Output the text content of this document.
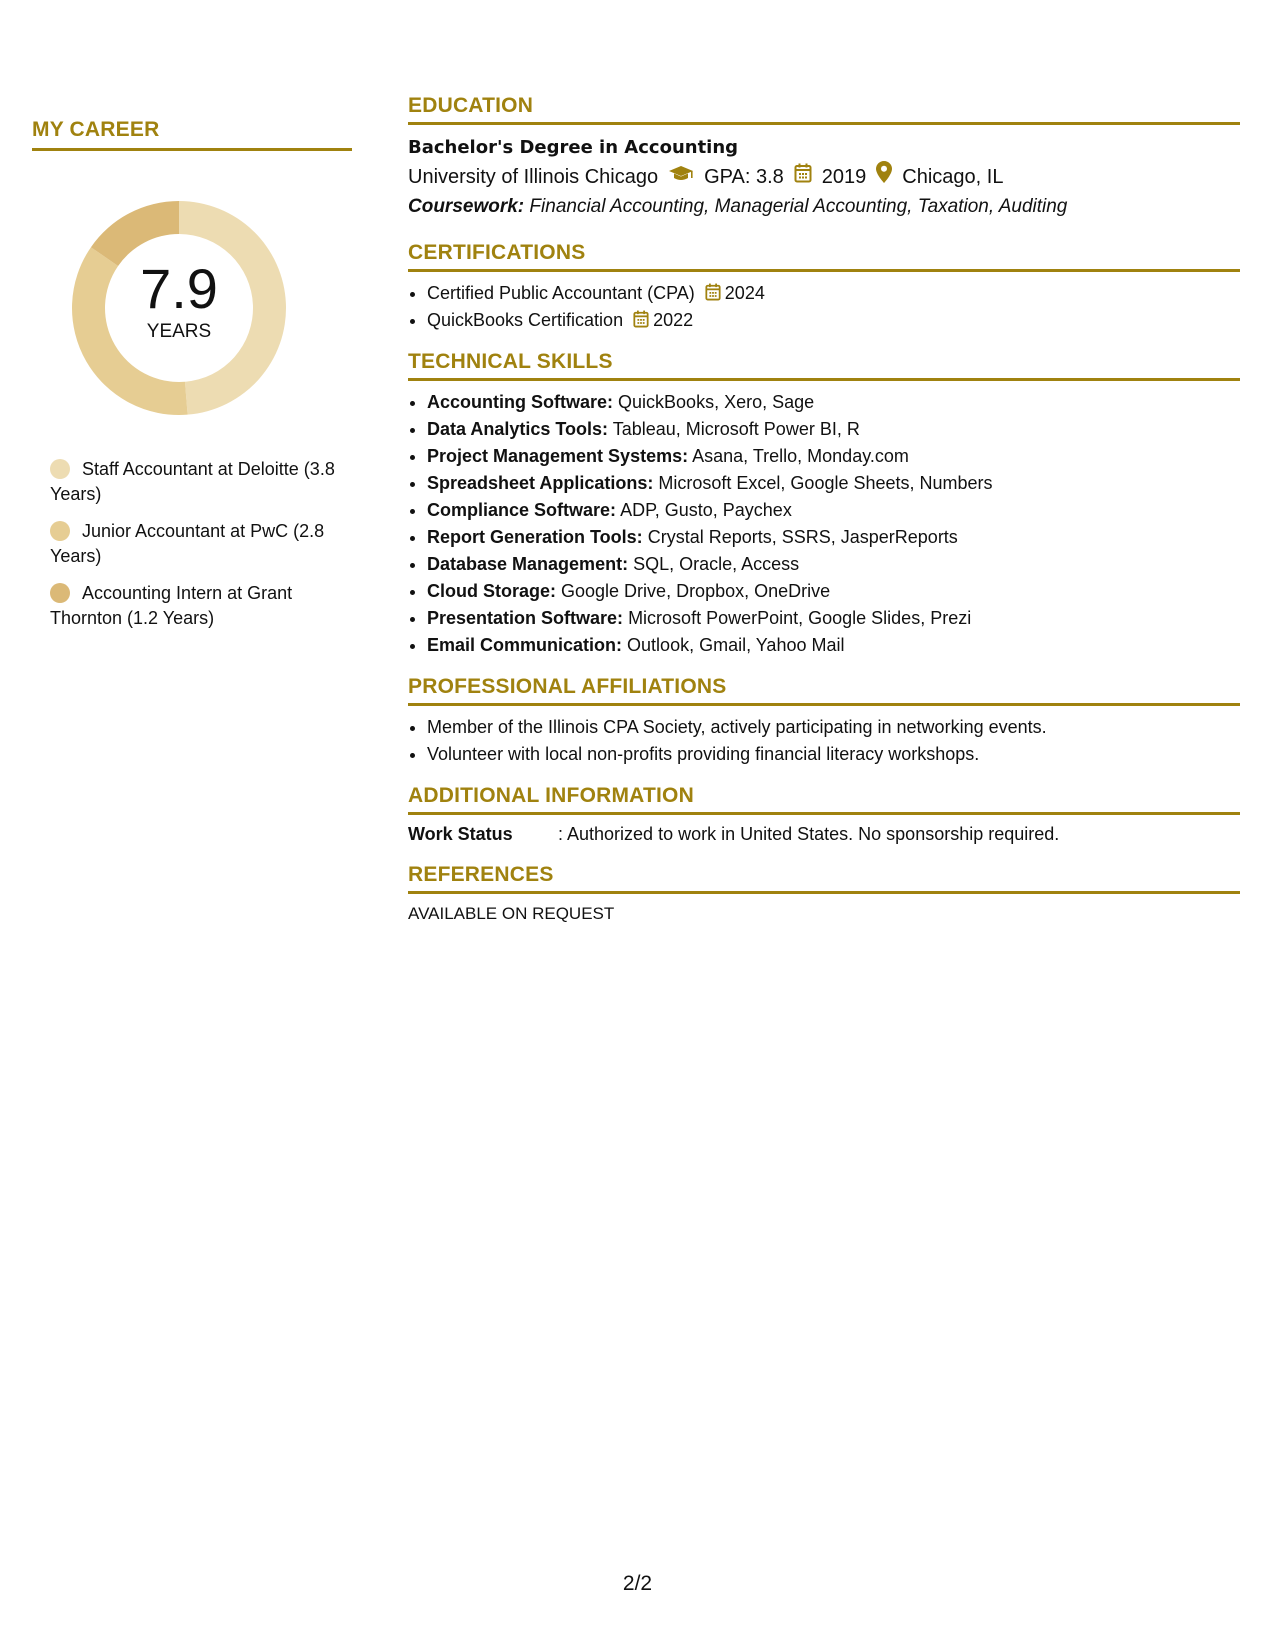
MY CAREER
7.9
YEARS
Staff Accountant at Deloitte (3.8 Years)
Junior Accountant at PwC (2.8 Years)
Accounting Intern at Grant Thornton (1.2 Years)
EDUCATION
Bachelor's Degree in Accounting
University of Illinois Chicago GPA: 3.8 2019 Chicago, IL
Coursework: Financial Accounting, Managerial Accounting, Taxation, Auditing
CERTIFICATIONS
• Certified Public Accountant (CPA) 2024
• QuickBooks Certification 2022
TECHNICAL SKILLS
• Accounting Software: QuickBooks, Xero, Sage
• Data Analytics Tools: Tableau, Microsoft Power BI, R
• Project Management Systems: Asana, Trello, Monday.com
• Spreadsheet Applications: Microsoft Excel, Google Sheets, Numbers
• Compliance Software: ADP, Gusto, Paychex
• Report Generation Tools: Crystal Reports, SSRS, JasperReports
• Database Management: SQL, Oracle, Access
• Cloud Storage: Google Drive, Dropbox, OneDrive
• Presentation Software: Microsoft PowerPoint, Google Slides, Prezi
• Email Communication: Outlook, Gmail, Yahoo Mail
PROFESSIONAL AFFILIATIONS
• Member of the Illinois CPA Society, actively participating in networking events.
• Volunteer with local non-profits providing financial literacy workshops.
ADDITIONAL INFORMATION
Work Status	: Authorized to work in United States. No sponsorship required.
REFERENCES
AVAILABLE ON REQUEST
2/2
